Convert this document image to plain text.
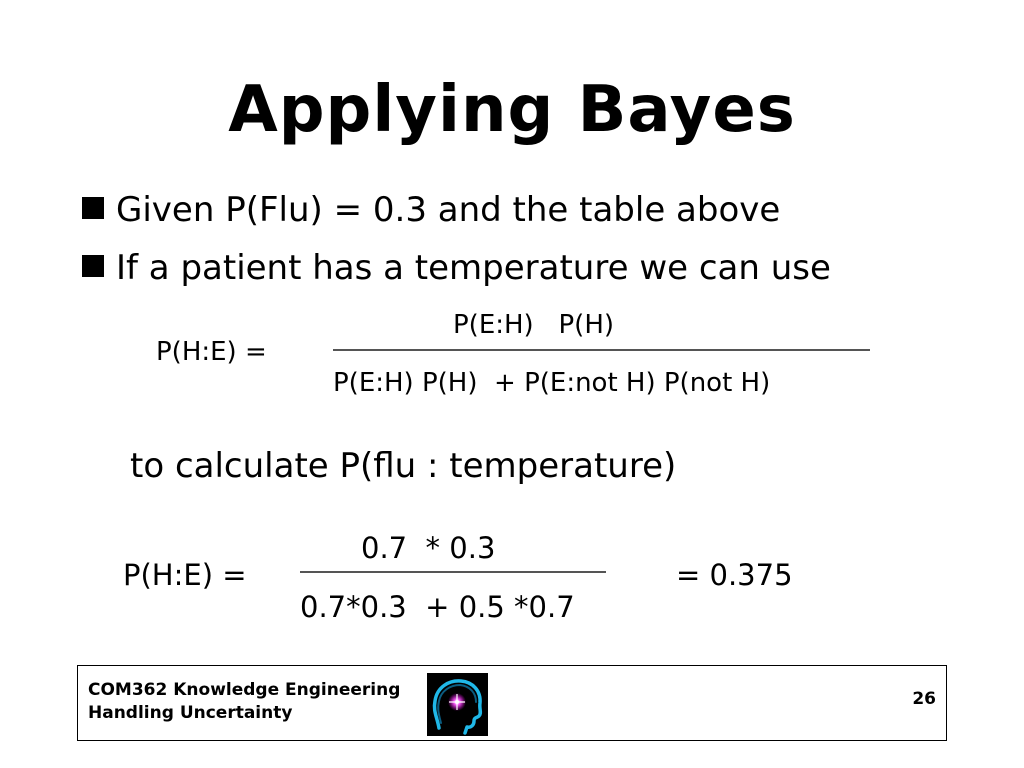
Applying Bayes
Given P(Flu) = 0.3 and the table above
If a patient has a temperature we can use
P(H:E) =
P(E:H)   P(H)
P(E:H) P(H)  + P(E:not H) P(not H)
to calculate P(flu : temperature)
P(H:E) =
0.7  * 0.3
0.7*0.3  + 0.5 *0.7
= 0.375
COM362 Knowledge Engineering
Handling Uncertainty
26
